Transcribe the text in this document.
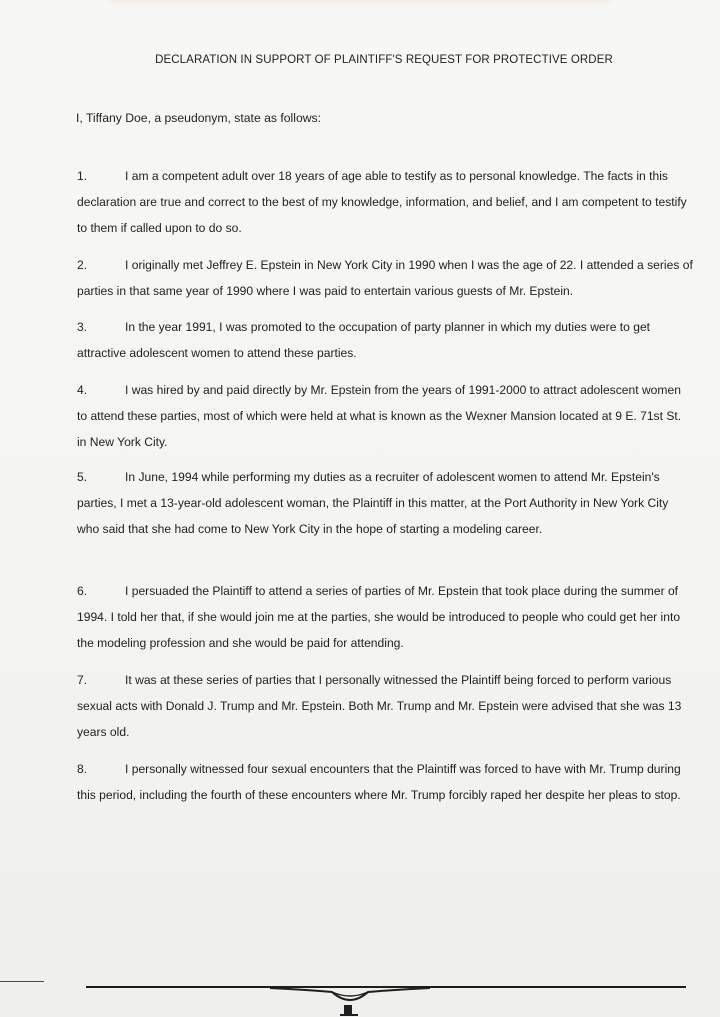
DECLARATION IN SUPPORT OF PLAINTIFF'S REQUEST FOR PROTECTIVE ORDER

I, Tiffany Doe, a pseudonym, state as follows:

1.	I am a competent adult over 18 years of age able to testify as to personal knowledge. The facts in this declaration are true and correct to the best of my knowledge, information, and belief, and I am competent to testify to them if called upon to do so.

2.	I originally met Jeffrey E. Epstein in New York City in 1990 when I was the age of 22. I attended a series of parties in that same year of 1990 where I was paid to entertain various guests of Mr. Epstein.

3.	In the year 1991, I was promoted to the occupation of party planner in which my duties were to get attractive adolescent women to attend these parties.

4.	I was hired by and paid directly by Mr. Epstein from the years of 1991-2000 to attract adolescent women to attend these parties, most of which were held at what is known as the Wexner Mansion located at 9 E. 71st St. in New York City.

5.	In June, 1994 while performing my duties as a recruiter of adolescent women to attend Mr. Epstein's parties, I met a 13-year-old adolescent woman, the Plaintiff in this matter, at the Port Authority in New York City who said that she had come to New York City in the hope of starting a modeling career.

6.	I persuaded the Plaintiff to attend a series of parties of Mr. Epstein that took place during the summer of 1994. I told her that, if she would join me at the parties, she would be introduced to people who could get her into the modeling profession and she would be paid for attending.

7.	It was at these series of parties that I personally witnessed the Plaintiff being forced to perform various sexual acts with Donald J. Trump and Mr. Epstein. Both Mr. Trump and Mr. Epstein were advised that she was 13 years old.

8.	I personally witnessed four sexual encounters that the Plaintiff was forced to have with Mr. Trump during this period, including the fourth of these encounters where Mr. Trump forcibly raped her despite her pleas to stop.
